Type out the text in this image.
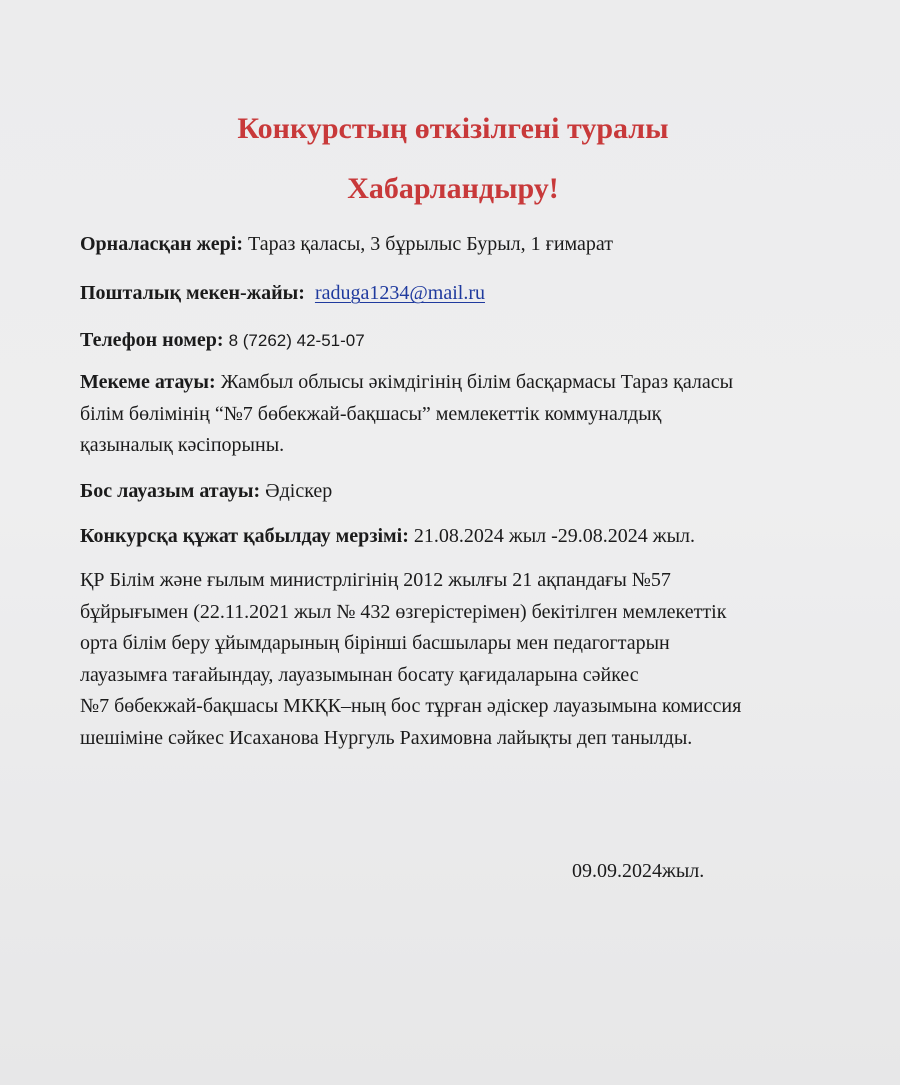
Конкурстың өткізілгені туралы
Хабарландыру!

Орналасқан жері: Тараз қаласы, 3 бұрылыс Бурыл, 1 ғимарат

Пошталық мекен-жайы: raduga1234@mail.ru

Телефон номер: 8 (7262) 42-51-07

Мекеме атауы: Жамбыл облысы әкімдігінің білім басқармасы Тараз қаласы
білім бөлімінің “№7 бөбекжай-бақшасы” мемлекеттік коммуналдық
қазыналық кәсіпорыны.

Бос лауазым атауы: Әдіскер

Конкурсқа құжат қабылдау мерзімі: 21.08.2024 жыл -29.08.2024 жыл.

ҚР Білім және ғылым министрлігінің 2012 жылғы 21 ақпандағы №57
бұйрығымен (22.11.2021 жыл № 432 өзгерістерімен) бекітілген мемлекеттік
орта білім беру ұйымдарының бірінші басшылары мен педагогтарын
лауазымға тағайындау, лауазымынан босату қағидаларына сәйкес
№7 бөбекжай-бақшасы МКҚК–ның бос тұрған әдіскер лауазымына комиссия
шешіміне сәйкес Исаханова Нургуль Рахимовна лайықты деп танылды.

09.09.2024жыл.
